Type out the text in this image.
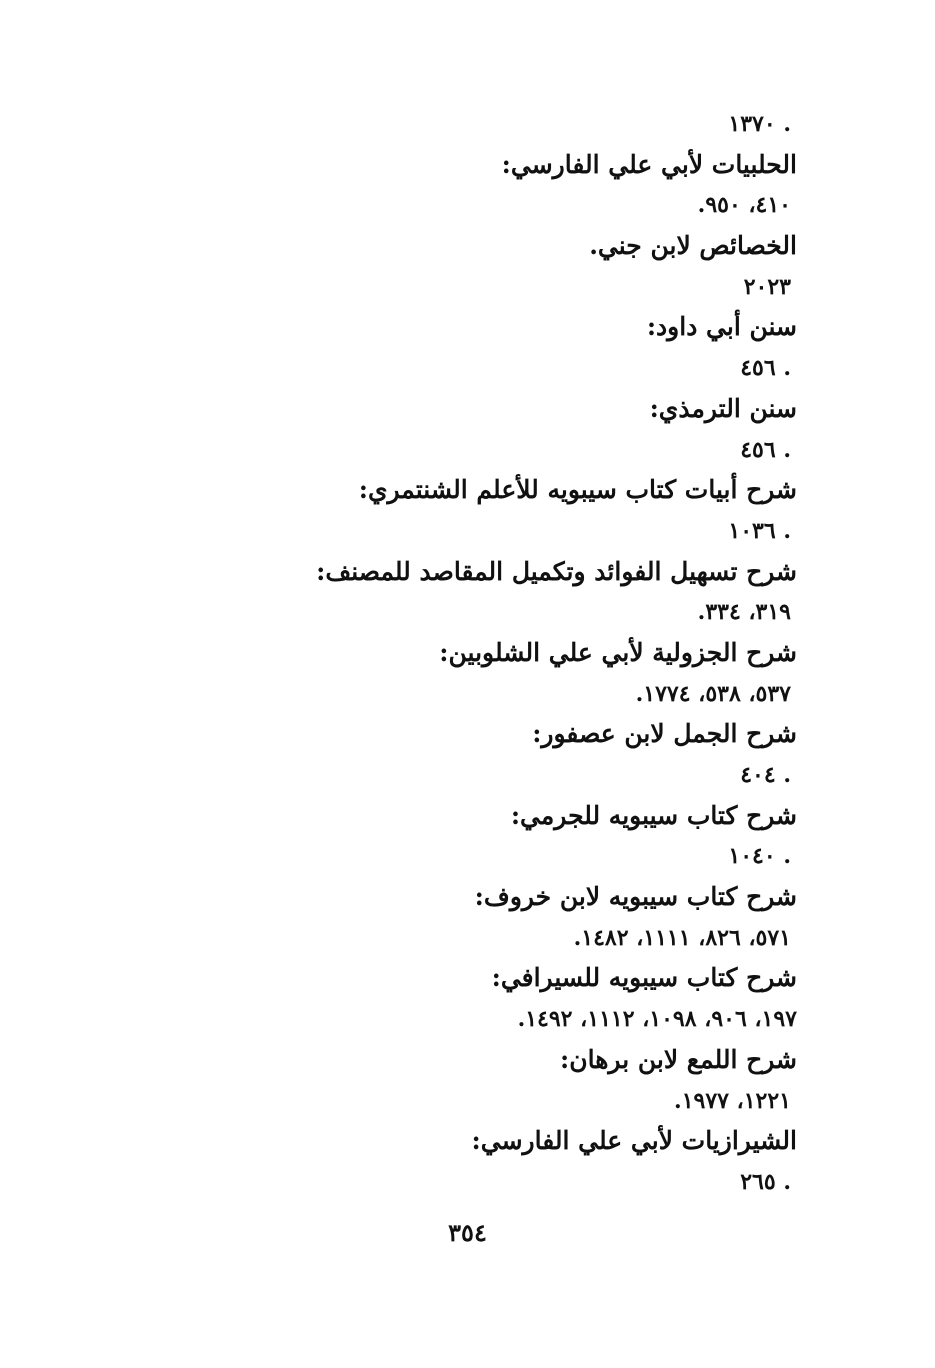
. ١٣٧٠
الحلبيات لأبي علي الفارسي:
٤١٠، ٩٥٠.
الخصائص لابن جني.
٢٠٢٣
سنن أبي داود:
. ٤٥٦
سنن الترمذي:
. ٤٥٦
شرح أبيات كتاب سيبويه للأعلم الشنتمري:
. ١٠٣٦
شرح تسهيل الفوائد وتكميل المقاصد للمصنف:
٣١٩، ٣٣٤.
شرح الجزولية لأبي علي الشلوبين:
٥٣٧، ٥٣٨، ١٧٧٤.
شرح الجمل لابن عصفور:
. ٤٠٤
شرح كتاب سيبويه للجرمي:
. ١٠٤٠
شرح كتاب سيبويه لابن خروف:
٥٧١، ٨٢٦، ١١١١، ١٤٨٢.
شرح كتاب سيبويه للسيرافي:
١٩٧، ٩٠٦، ١٠٩٨، ١١١٢، ١٤٩٢.
شرح اللمع لابن برهان:
١٢٢١، ١٩٧٧.
الشيرازيات لأبي علي الفارسي:
. ٢٦٥
٣٥٤
